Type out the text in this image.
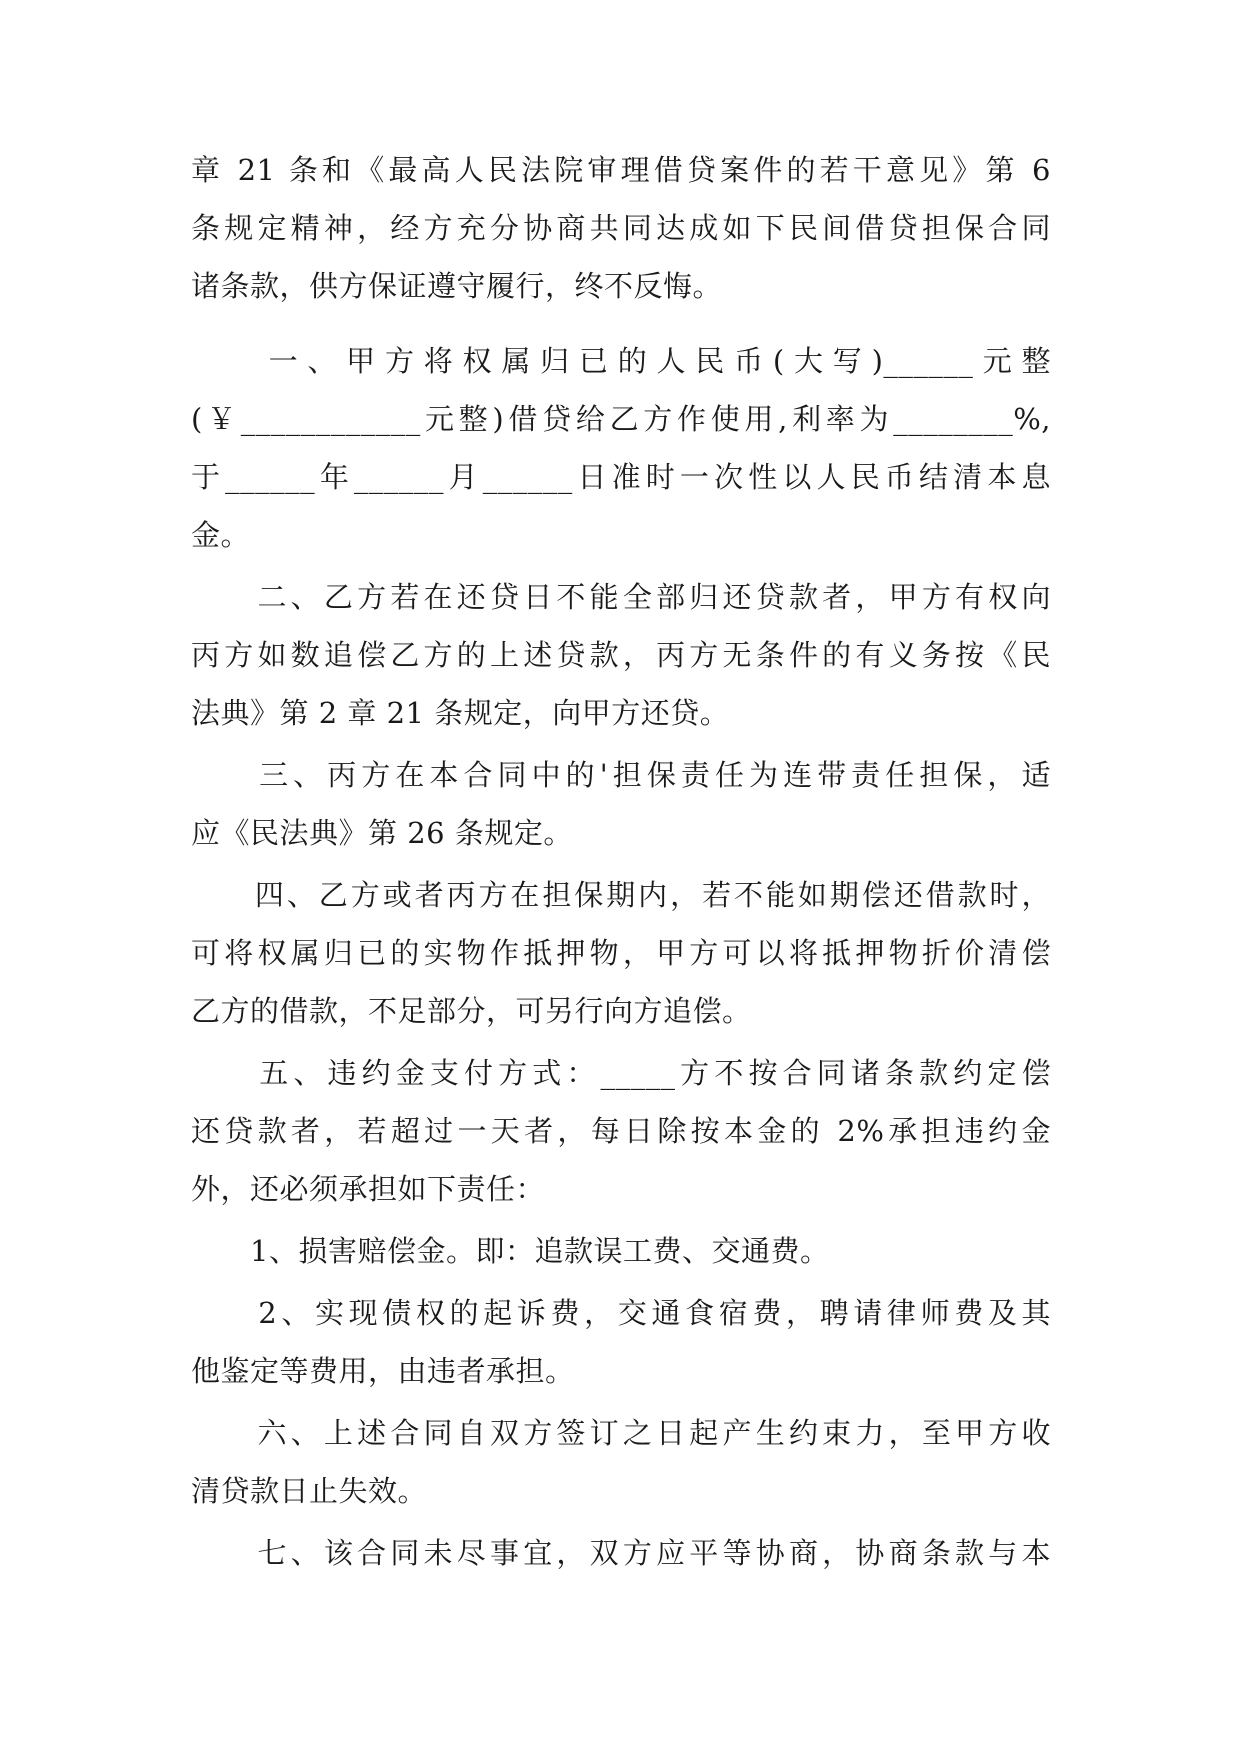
章 21 条和《最高人民法院审理借贷案件的若干意见》第 6
条规定精神，经方充分协商共同达成如下民间借贷担保合同
诸条款，供方保证遵守履行，终不反悔。
　　一、甲方将权属归已的人民币(大写)______元整
(￥____________元整)借贷给乙方作使用,利率为________%,
于______年______月______日准时一次性以人民币结清本息
金。
　　二、乙方若在还贷日不能全部归还贷款者，甲方有权向
丙方如数追偿乙方的上述贷款，丙方无条件的有义务按《民
法典》第 2 章 21 条规定，向甲方还贷。
　　三、丙方在本合同中的'担保责任为连带责任担保，适
应《民法典》第 26 条规定。
　　四、乙方或者丙方在担保期内，若不能如期偿还借款时，
可将权属归已的实物作抵押物，甲方可以将抵押物折价清偿
乙方的借款，不足部分，可另行向方追偿。
　　五、违约金支付方式：_____方不按合同诸条款约定偿
还贷款者，若超过一天者，每日除按本金的 2%承担违约金
外，还必须承担如下责任：
　　1、损害赔偿金。即：追款误工费、交通费。
　　2、实现债权的起诉费，交通食宿费，聘请律师费及其
他鉴定等费用，由违者承担。
　　六、上述合同自双方签订之日起产生约束力，至甲方收
清贷款日止失效。
　　七、该合同未尽事宜，双方应平等协商，协商条款与本
